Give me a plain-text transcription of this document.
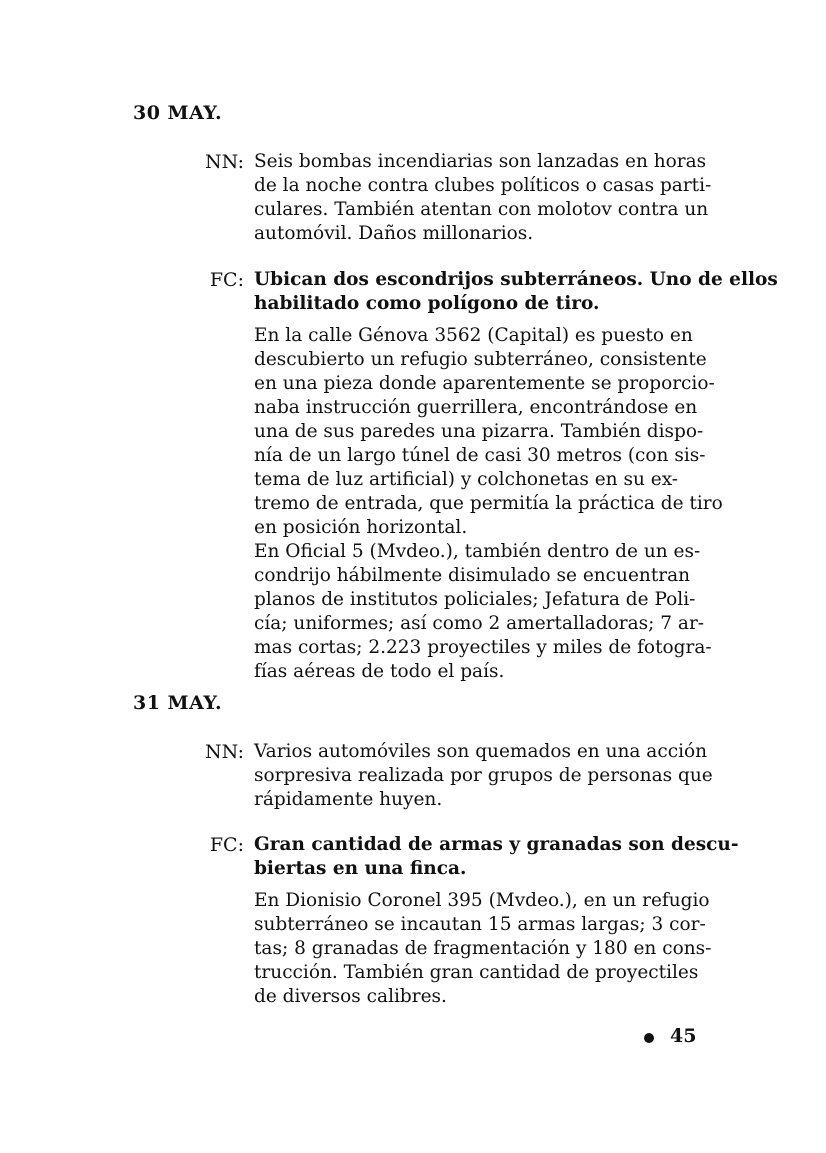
30 MAY.
NN: Seis bombas incendiarias son lanzadas en horas
de la noche contra clubes políticos o casas parti-
culares. También atentan con molotov contra un
automóvil. Daños millonarios.
FC: Ubican dos escondrijos subterráneos. Uno de ellos
habilitado como polígono de tiro.
En la calle Génova 3562 (Capital) es puesto en
descubierto un refugio subterráneo, consistente
en una pieza donde aparentemente se proporcio-
naba instrucción guerrillera, encontrándose en
una de sus paredes una pizarra. También dispo-
nía de un largo túnel de casi 30 metros (con sis-
tema de luz artificial) y colchonetas en su ex-
tremo de entrada, que permitía la práctica de tiro
en posición horizontal.
En Oficial 5 (Mvdeo.), también dentro de un es-
condrijo hábilmente disimulado se encuentran
planos de institutos policiales; Jefatura de Poli-
cía; uniformes; así como 2 amertalladoras; 7 ar-
mas cortas; 2.223 proyectiles y miles de fotogra-
fías aéreas de todo el país.
31 MAY.
NN: Varios automóviles son quemados en una acción
sorpresiva realizada por grupos de personas que
rápidamente huyen.
FC: Gran cantidad de armas y granadas son descu-
biertas en una finca.
En Dionisio Coronel 395 (Mvdeo.), en un refugio
subterráneo se incautan 15 armas largas; 3 cor-
tas; 8 granadas de fragmentación y 180 en cons-
trucción. También gran cantidad de proyectiles
de diversos calibres.
45
